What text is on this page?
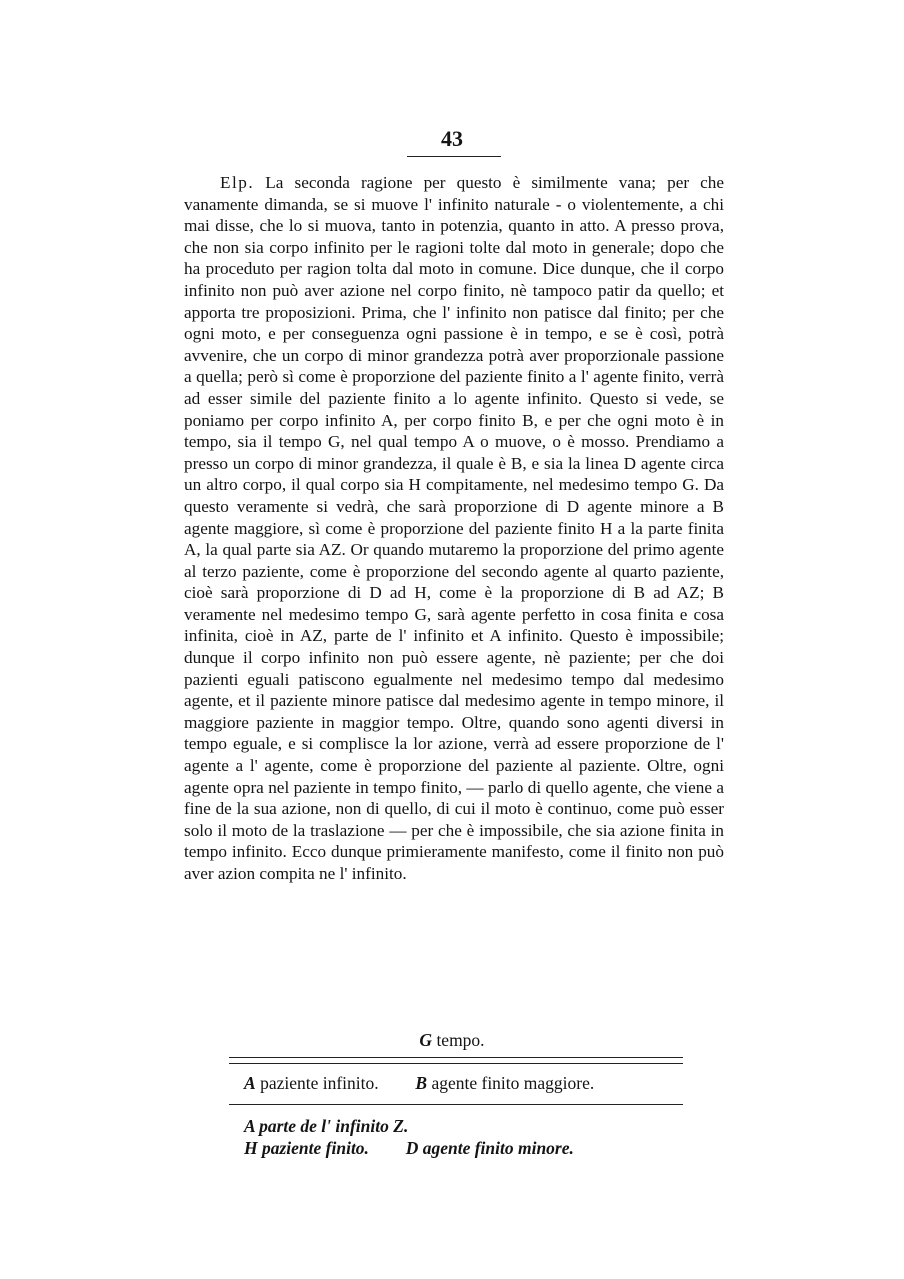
43

Elp. La seconda ragione per questo è similmente vana; per che vanamente dimanda, se si muove l' infinito naturale - o violentemente, a chi mai disse, che lo si muova, tanto in potenzia, quanto in atto. A presso prova, che non sia corpo infinito per le ragioni tolte dal moto in generale; dopo che ha proceduto per ragion tolta dal moto in comune. Dice dunque, che il corpo infinito non può aver azione nel corpo finito, nè tampoco patir da quello; et apporta tre proposizioni. Prima, che l' infinito non patisce dal finito; per che ogni moto, e per conseguenza ogni passione è in tempo, e se è così, potrà avvenire, che un corpo di minor grandezza potrà aver proporzionale passione a quella; però sì come è proporzione del paziente finito a l' agente finito, verrà ad esser simile del paziente finito a lo agente infinito. Questo si vede, se poniamo per corpo infinito A, per corpo finito B, e per che ogni moto è in tempo, sia il tempo G, nel qual tempo A o muove, o è mosso. Prendiamo a presso un corpo di minor grandezza, il quale è B, e sia la linea D agente circa un altro corpo, il qual corpo sia H compitamente, nel medesimo tempo G. Da questo veramente si vedrà, che sarà proporzione di D agente minore a B agente maggiore, sì come è proporzione del paziente finito H a la parte finita A, la qual parte sia AZ. Or quando mutaremo la proporzione del primo agente al terzo paziente, come è proporzione del secondo agente al quarto paziente, cioè sarà proporzione di D ad H, come è la proporzione di B ad AZ; B veramente nel medesimo tempo G, sarà agente perfetto in cosa finita e cosa infinita, cioè in AZ, parte de l' infinito et A infinito. Questo è impossibile; dunque il corpo infinito non può essere agente, nè paziente; per che doi pazienti eguali patiscono egualmente nel medesimo tempo dal medesimo agente, et il paziente minore patisce dal medesimo agente in tempo minore, il maggiore paziente in maggior tempo. Oltre, quando sono agenti diversi in tempo eguale, e si complisce la lor azione, verrà ad essere proporzione de l' agente a l' agente, come è proporzione del paziente al paziente. Oltre, ogni agente opra nel paziente in tempo finito, — parlo di quello agente, che viene a fine de la sua azione, non di quello, di cui il moto è continuo, come può esser solo il moto de la traslazione — per che è impossibile, che sia azione finita in tempo infinito. Ecco dunque primieramente manifesto, come il finito non può aver azion compita ne l' infinito.

G tempo.
A paziente infinito. B agente finito maggiore.
A parte de l' infinito Z.
H paziente finito. D agente finito minore.
